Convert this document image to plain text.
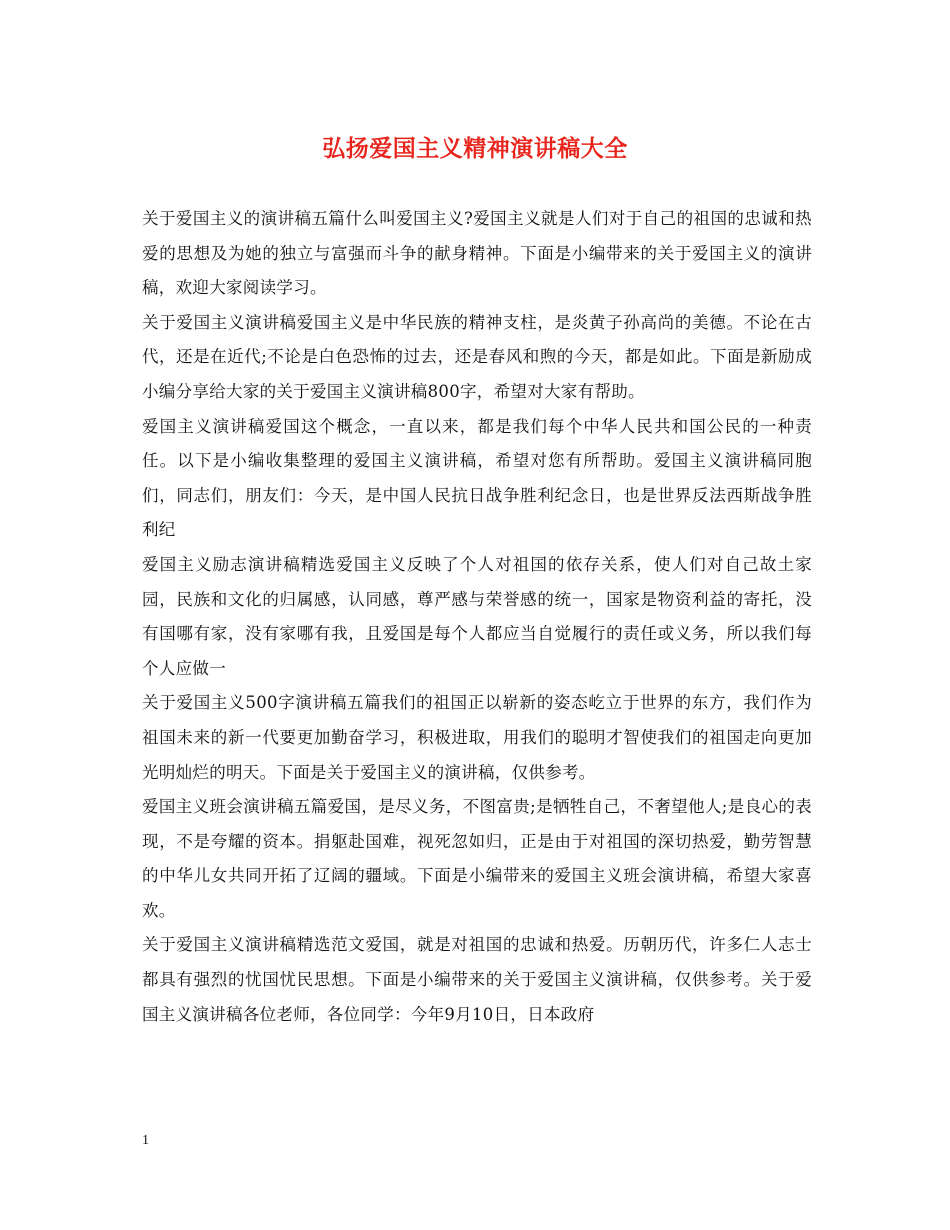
弘扬爱国主义精神演讲稿大全

关于爱国主义的演讲稿五篇什么叫爱国主义?爱国主义就是人们对于自己的祖国的忠诚和热爱的思想及为她的独立与富强而斗争的献身精神。下面是小编带来的关于爱国主义的演讲稿，欢迎大家阅读学习。

关于爱国主义演讲稿爱国主义是中华民族的精神支柱，是炎黄子孙高尚的美德。不论在古代，还是在近代;不论是白色恐怖的过去，还是春风和煦的今天，都是如此。下面是新励成小编分享给大家的关于爱国主义演讲稿800字，希望对大家有帮助。

爱国主义演讲稿爱国这个概念，一直以来，都是我们每个中华人民共和国公民的一种责任。以下是小编收集整理的爱国主义演讲稿，希望对您有所帮助。爱国主义演讲稿同胞们，同志们，朋友们：今天，是中国人民抗日战争胜利纪念日，也是世界反法西斯战争胜利纪

爱国主义励志演讲稿精选爱国主义反映了个人对祖国的依存关系，使人们对自己故土家园，民族和文化的归属感，认同感，尊严感与荣誉感的统一，国家是物资利益的寄托，没有国哪有家，没有家哪有我，且爱国是每个人都应当自觉履行的责任或义务，所以我们每个人应做一

关于爱国主义500字演讲稿五篇我们的祖国正以崭新的姿态屹立于世界的东方，我们作为祖国未来的新一代要更加勤奋学习，积极进取，用我们的聪明才智使我们的祖国走向更加光明灿烂的明天。下面是关于爱国主义的演讲稿，仅供参考。

爱国主义班会演讲稿五篇爱国，是尽义务，不图富贵;是牺牲自己，不奢望他人;是良心的表现，不是夸耀的资本。捐躯赴国难，视死忽如归，正是由于对祖国的深切热爱，勤劳智慧的中华儿女共同开拓了辽阔的疆域。下面是小编带来的爱国主义班会演讲稿，希望大家喜欢。

关于爱国主义演讲稿精选范文爱国，就是对祖国的忠诚和热爱。历朝历代，许多仁人志士都具有强烈的忧国忧民思想。下面是小编带来的关于爱国主义演讲稿，仅供参考。关于爱国主义演讲稿各位老师，各位同学：今年9月10日，日本政府

1
